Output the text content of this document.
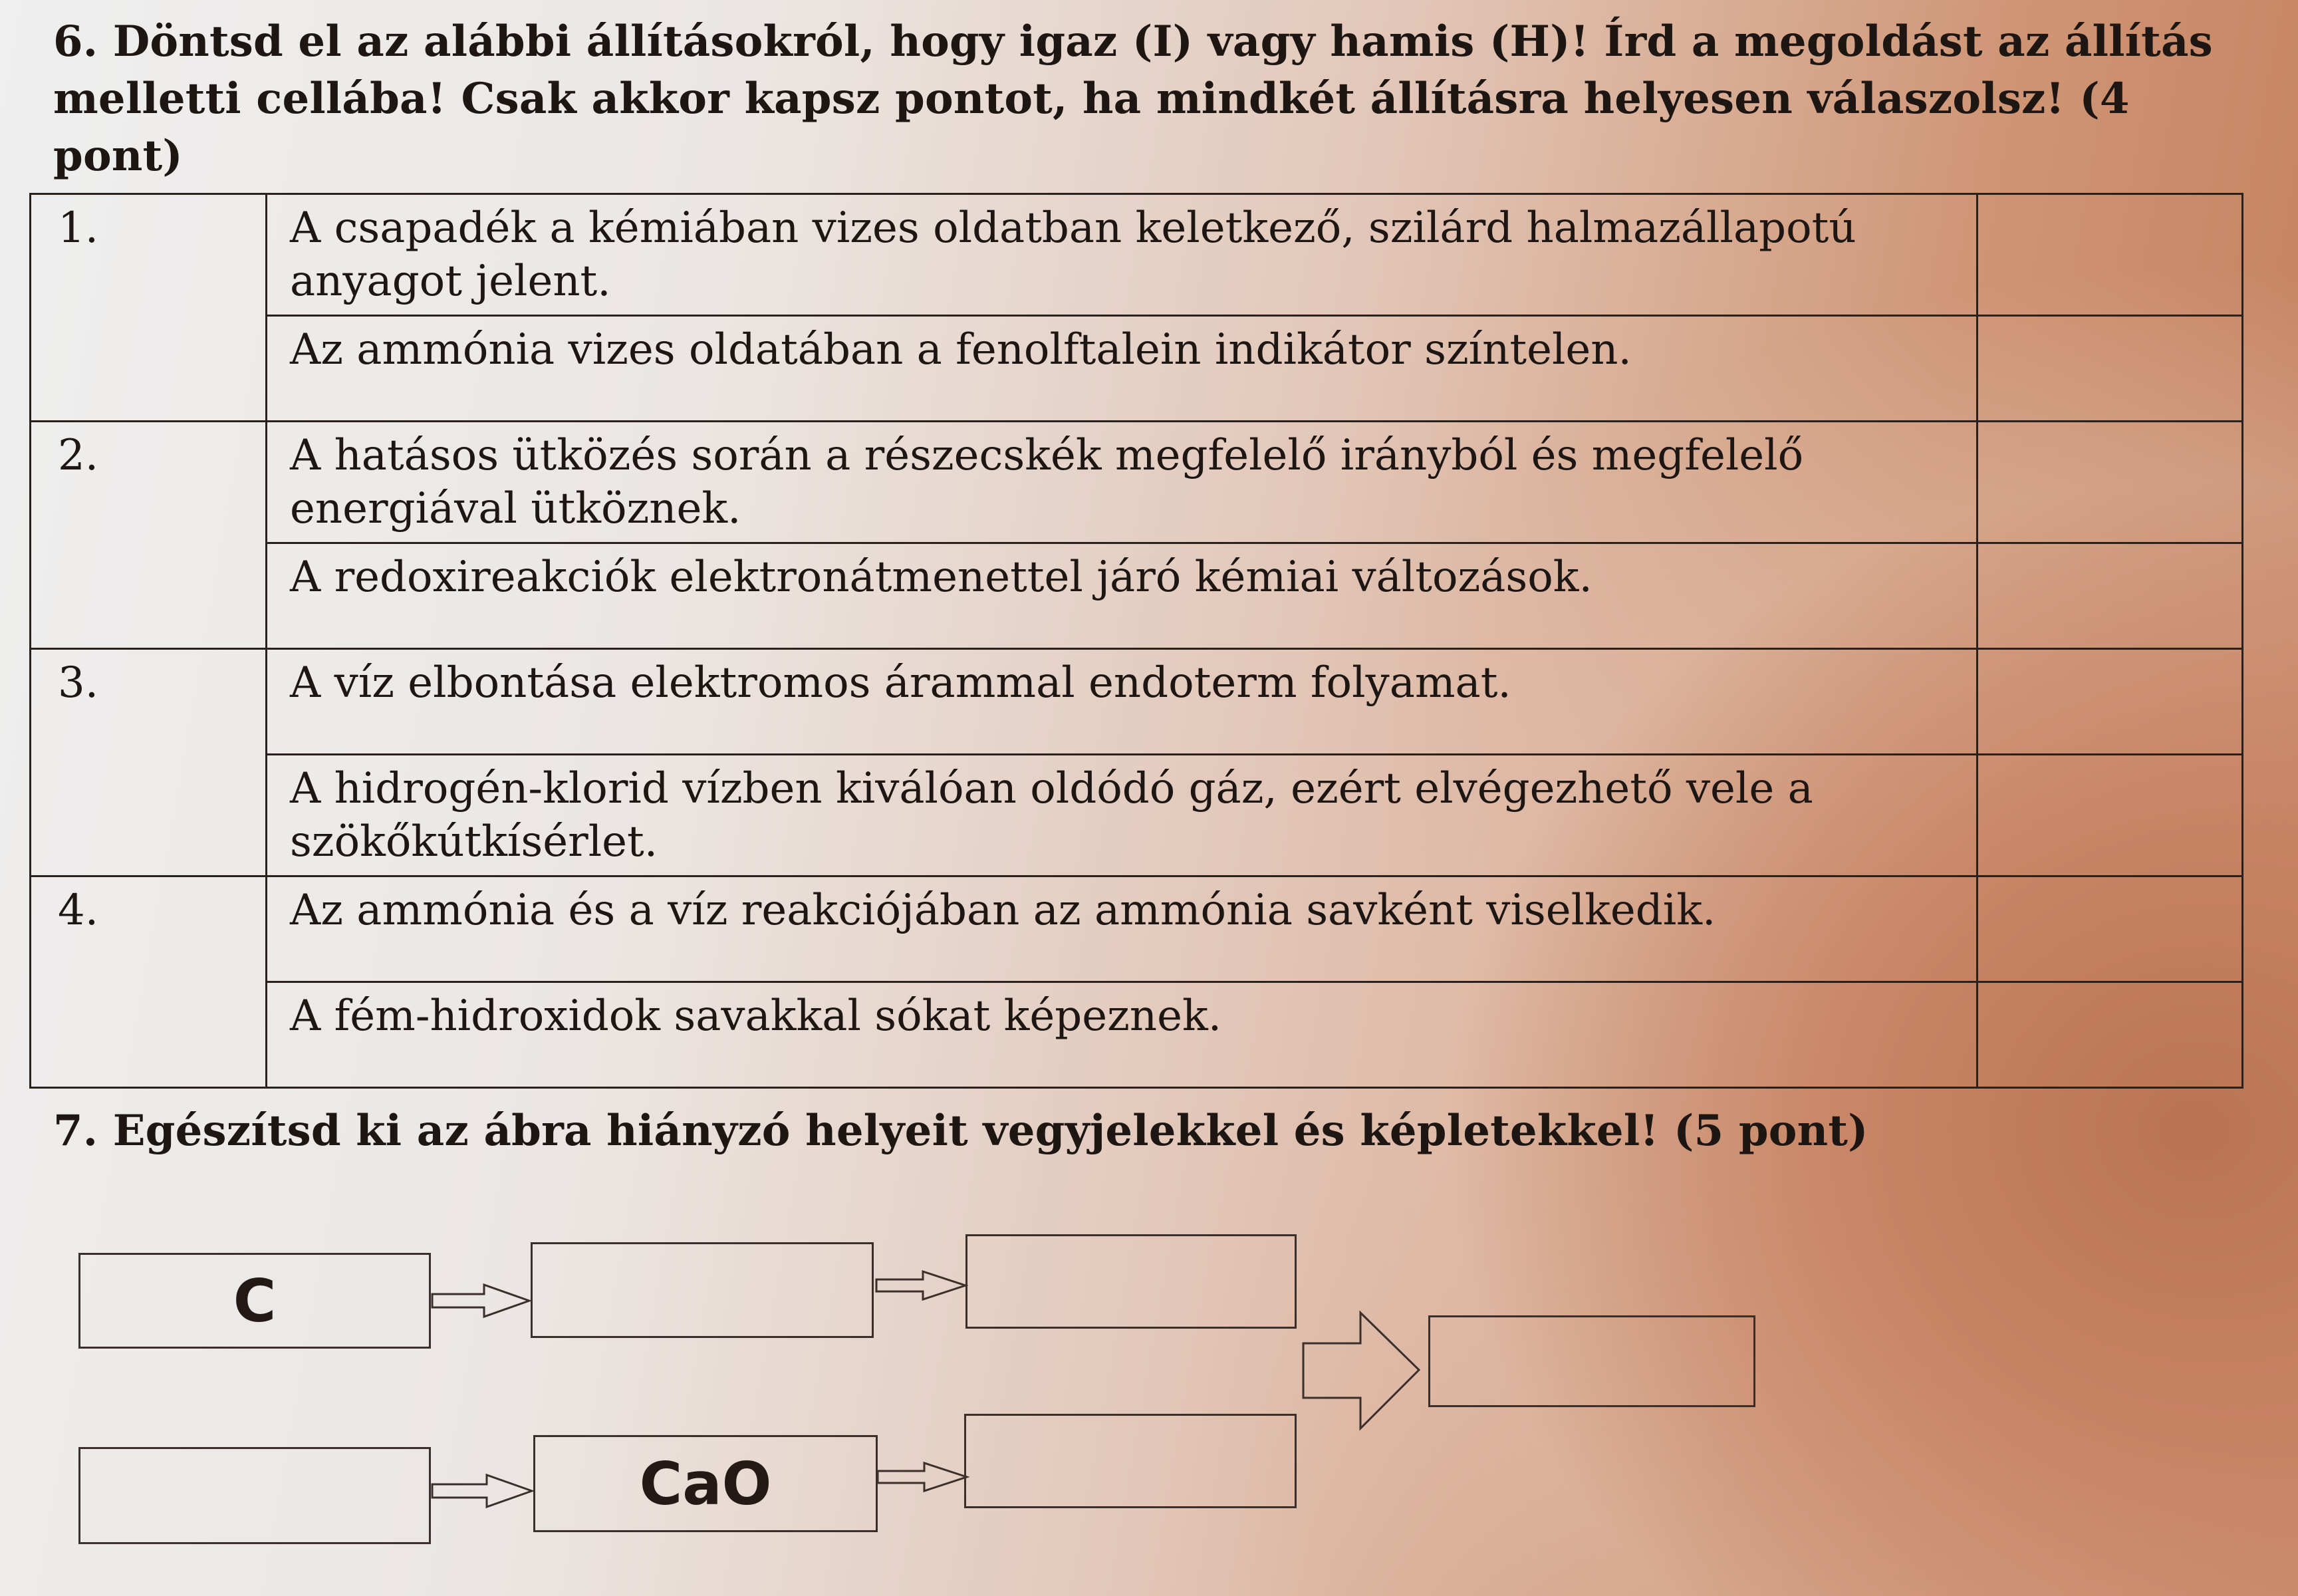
6. Döntsd el az alábbi állításokról, hogy igaz (I) vagy hamis (H)! Írd a megoldást az állítás melletti cellába! Csak akkor kapsz pontot, ha mindkét állításra helyesen válaszolsz! (4 pont)
1.	A csapadék a kémiában vizes oldatban keletkező, szilárd halmazállapotú anyagot jelent.	
	Az ammónia vizes oldatában a fenolftalein indikátor színtelen.	
2.	A hatásos ütközés során a részecskék megfelelő irányból és megfelelő energiával ütköznek.	
	A redoxireakciók elektronátmenettel járó kémiai változások.	
3.	A víz elbontása elektromos árammal endoterm folyamat.	
	A hidrogén-klorid vízben kiválóan oldódó gáz, ezért elvégezhető vele a szökőkútkísérlet.	
4.	Az ammónia és a víz reakciójában az ammónia savként viselkedik.	
	A fém-hidroxidok savakkal sókat képeznek.	
7. Egészítsd ki az ábra hiányzó helyeit vegyjelekkel és képletekkel! (5 pont)
C
CaO
